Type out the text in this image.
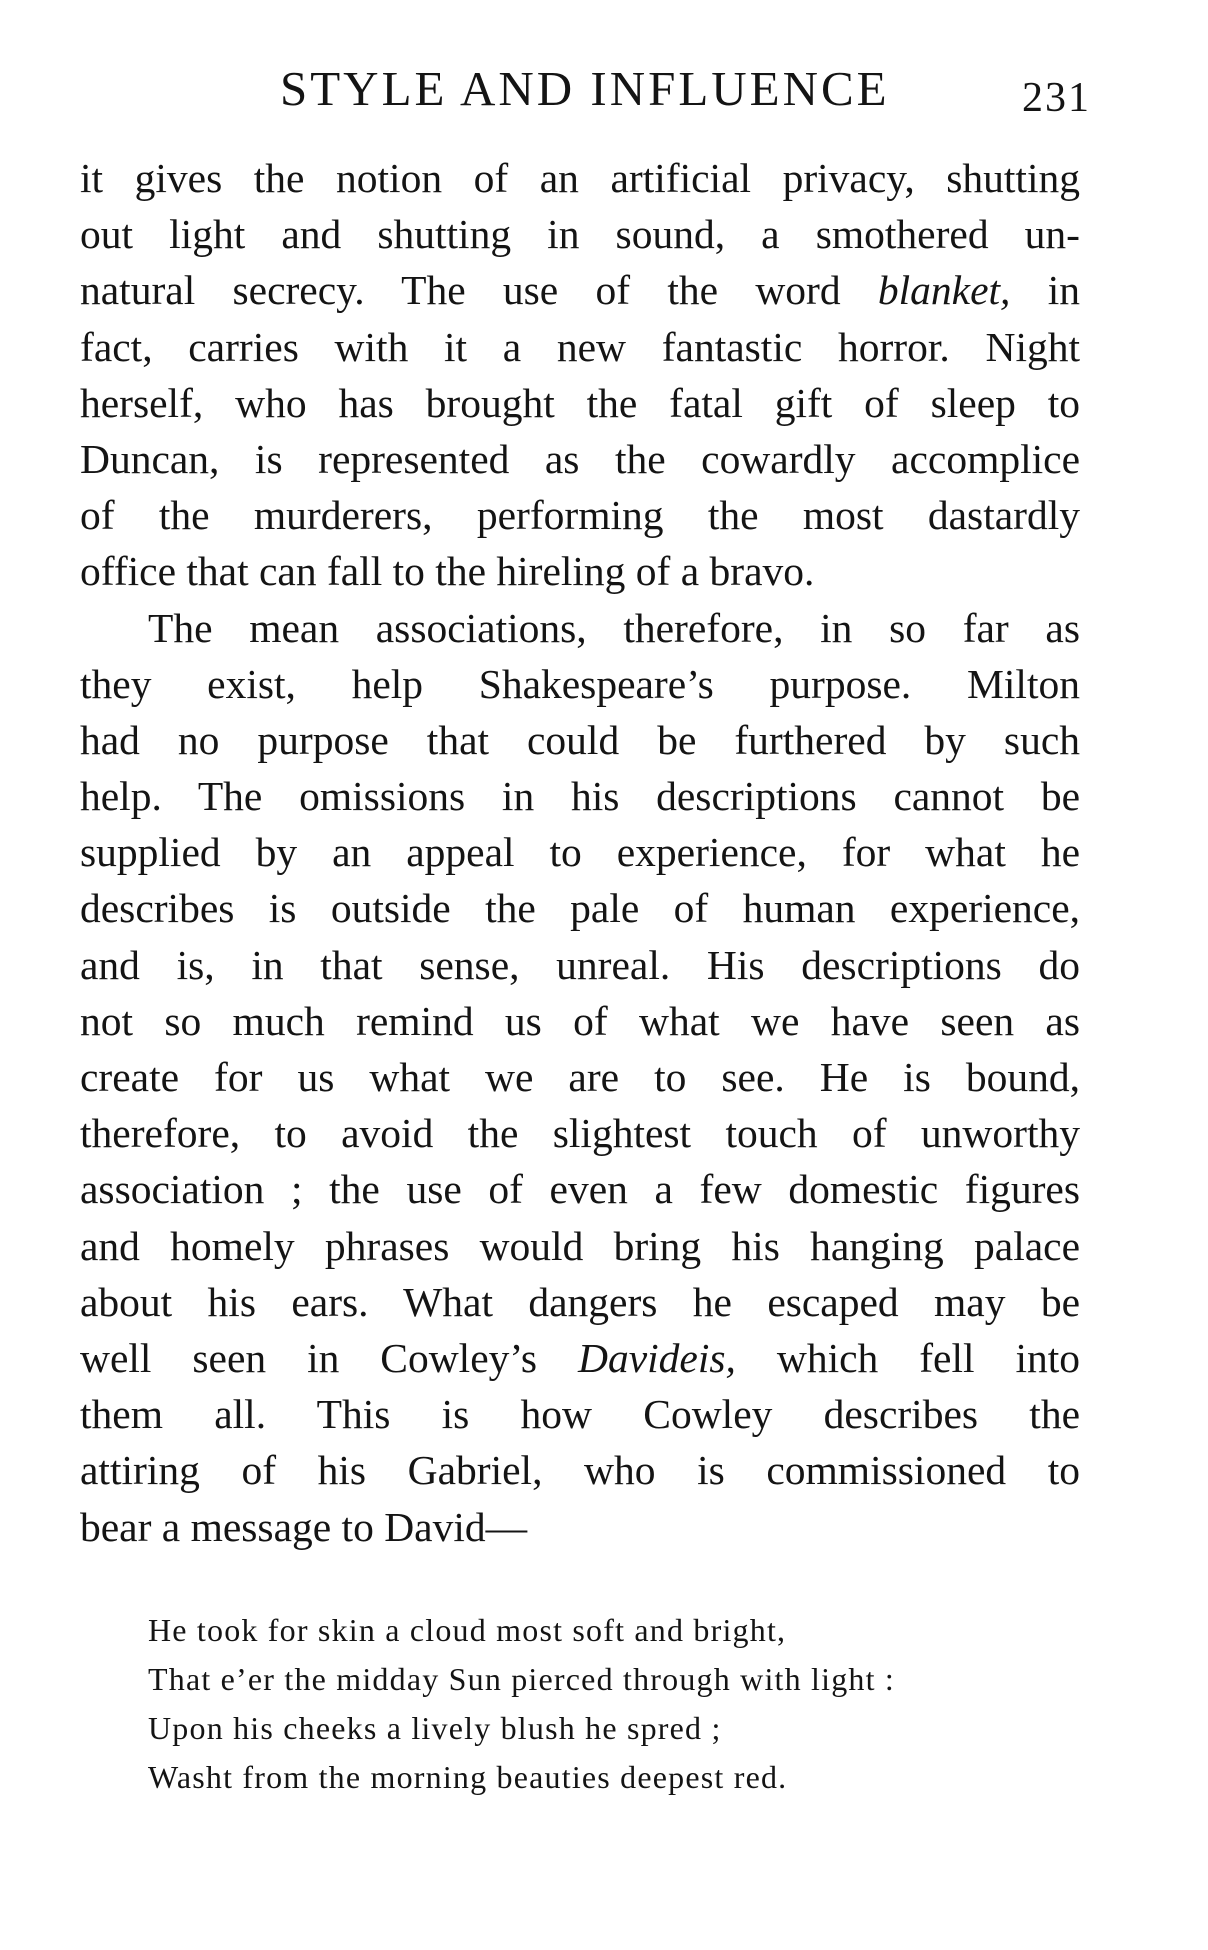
STYLE AND INFLUENCE	231
it gives the notion of an artificial privacy, shutting
out light and shutting in sound, a smothered un-
natural secrecy. The use of the word blanket, in
fact, carries with it a new fantastic horror. Night
herself, who has brought the fatal gift of sleep to
Duncan, is represented as the cowardly accomplice
of the murderers, performing the most dastardly
office that can fall to the hireling of a bravo.
The mean associations, therefore, in so far as
they exist, help Shakespeare’s purpose. Milton
had no purpose that could be furthered by such
help. The omissions in his descriptions cannot be
supplied by an appeal to experience, for what he
describes is outside the pale of human experience,
and is, in that sense, unreal. His descriptions do
not so much remind us of what we have seen as
create for us what we are to see. He is bound,
therefore, to avoid the slightest touch of unworthy
association ; the use of even a few domestic figures
and homely phrases would bring his hanging palace
about his ears. What dangers he escaped may be
well seen in Cowley’s Davideis, which fell into
them all. This is how Cowley describes the
attiring of his Gabriel, who is commissioned to
bear a message to David—
He took for skin a cloud most soft and bright,
That e’er the midday Sun pierced through with light :
Upon his cheeks a lively blush he spred ;
Washt from the morning beauties deepest red.
